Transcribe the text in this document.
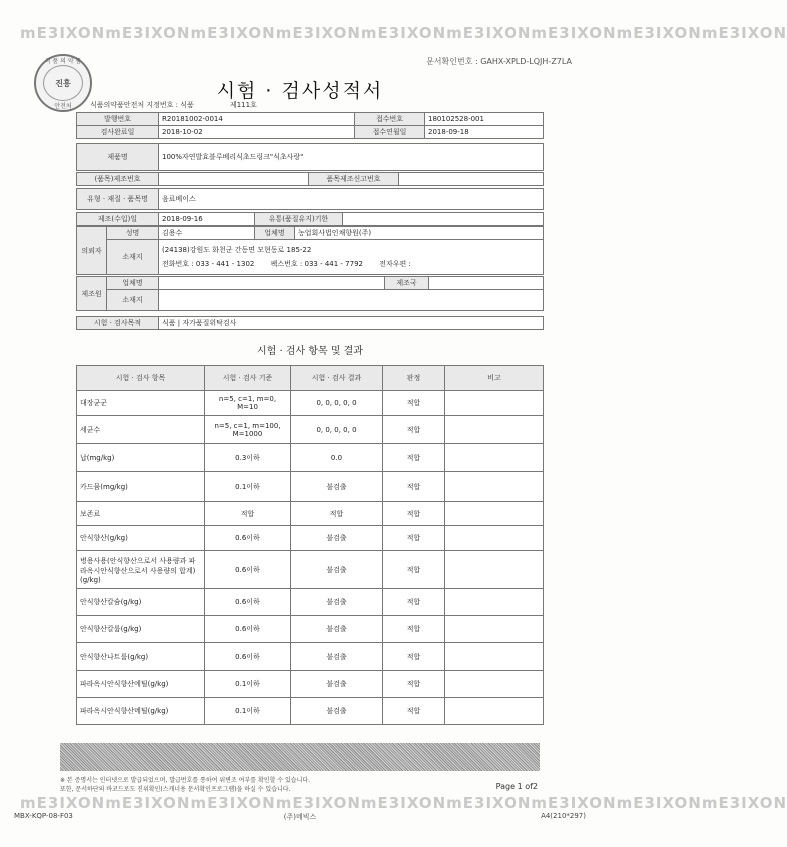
mE3IXONmE3IXONmE3IXONmE3IXONmE3IXONmE3IXONmE3IXONmE3IXONmE3IXON
식 품 의 약 품
진흥
안전처
문서확인번호 : GAHX-XPLD-LQJH-Z7LA
시험 · 검사성적서
식품의약품안전처 지정번호 : 식품	제111호
발행번호	R20181002-0014	접수번호	180102528-001
검사완료일	2018-10-02	접수연월일	2018-09-18
제품명	100%자연발효블루베리식초드링크"식초사랑"
(품목)제조번호		품목제조신고번호	
유형 · 재질 · 품목명	음료베이스
제조(수입)일	2018-09-16	유통(품질유지)기한	
의뢰자	성명	김용수	업체명	농업회사법인채향원(주)
	소재지	(24138)강원도 화천군 간동면 모현동로 185-22
전화번호 : 033 - 441 - 1302 팩스번호 : 033 - 441 - 7792 전자우편 :		
제조원	업체명		제조국	
	소재지			
시험 · 검사목적	식품 | 자가품질위탁검사
시험 · 검사 항목 및 결과
시험 · 검사 항목	시험 · 검사 기준	시험 · 검사 결과	판정	비고
대장균군	n=5, c=1, m=0, M=10	0, 0, 0, 0, 0	적합	
세균수	n=5, c=1, m=100, M=1000	0, 0, 0, 0, 0	적합	
납(mg/kg)	0.3이하	0.0	적합	
카드뮴(mg/kg)	0.1이하	불검출	적합	
보존료	적합	적합	적합	
안식향산(g/kg)	0.6이하	불검출	적합	
병용사용(안식향산으로서 사용량과 파라옥시안식향산으로서 사용량의 합계)(g/kg)	0.6이하	불검출	적합	
안식향산칼슘(g/kg)	0.6이하	불검출	적합	
안식향산칼륨(g/kg)	0.6이하	불검출	적합	
안식향산나트륨(g/kg)	0.6이하	불검출	적합	
파라옥시안식향산에틸(g/kg)	0.1이하	불검출	적합	
파라옥시안식향산메틸(g/kg)	0.1이하	불검출	적합	
※ 본 증명서는 인터넷으로 발급되었으며, 발급번호를 통하여 위변조 여부를 확인할 수 있습니다.
또한, 문서하단의 바코드로도 진위확인(스캐너용 문서확인프로그램)을 하실 수 있습니다.	Page 1 of2
mE3IXONmE3IXONmE3IXONmE3IXONmE3IXONmE3IXONmE3IXONmE3IXONmE3IXON
MBX-KQP-08-F03	(주)메빅스	A4(210*297)
